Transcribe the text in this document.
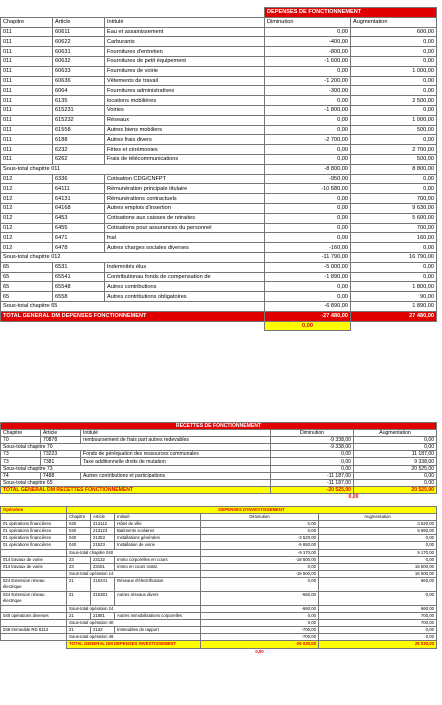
			DEPENSES DE FONCTIONNEMENT	
Chapitre	Article	Intitulé	Diminution	Augmentation
011	60611	Eau et assainissement	0,00	600,00
011	60622	Carburants	-400,00	0,00
011	60631	Fournitures d'entretien	-800,00	0,00
011	60632	Fournitures de petit équipement	-1 600,00	0,00
011	60633	Fournitures de voirie	0,00	1 000,00
011	60636	Vêtements de travail	-1 200,00	0,00
011	6064	Fournitures administratives	-300,00	0,00
011	6135	locations mobilières	0,00	2 500,00
011	615231	Voiries	-1 800,00	0,00
011	615232	Réseaux	0,00	1 000,00
011	61558	Autres biens mobiliers	0,00	500,00
011	6188	Autres frais divers	-2 700,00	0,00
011	6232	Fêtes et cérémonies	0,00	2 700,00
011	6262	Frais de télécommunications	0,00	500,00
Sous-total chapitre 011			-8 800,00	8 800,00
012	6336	Cotisation CDG/CNFPT	-950,00	0,00
012	64111	Rémunération principale titulaire	-10 680,00	0,00
012	64131	Rémunérations contractuels	0,00	700,00
012	64168	Autres emplois d'insertion	0,00	9 630,00
012	6453	Cotisations aux caisses de retraites	0,00	5 600,00
012	6455	Cotisations pour assurances du personnel	0,00	700,00
012	6471	fnal	0,00	160,00
012	6478	Autres charges sociales diverses	-160,00	0,00
Sous-total chapitre 012			-11 790,00	16 790,00
65	6531	Indemnités élus	-5 000,00	0,00
65	65541	Contributionau fonds de compensation de	-1 890,00	0,00
65	65548	Autres contributions	0,00	1 800,00
65	6558	Autres contributions obligatoires	0,00	90,00
Sous-total chapitre 65			-6 890,00	1 890,00
TOTAL GENERAL DM DEPENSES FONCTIONNEMENT			-27 480,00	27 480,00
			0,00	
RECETTES DE FONCTIONNEMENT				
Chapitre	Article	Intitulé	Diminution	Augmentation
70	70878	remboursement de frais part autres redevables	-9 338,00	0,00
Sous-total chapitre 70			-9 338,00	0,00
73	73223	Fonds de péréquation des ressources communales	0,00	11 187,00
73	7381	Taxe additionnelle droits de mutation	0,00	9 338,00
Sous-total chapitre 73			0,00	20 525,00
74	7488	Autres contributions et participations	-11 187,00	0,00
Sous-total chapitre 65			-11 187,00	0,00
TOTAL GENERAL DM RECETTES FONCTIONNEMENT			-20 525,00	20 525,00
			0,00	
Opération	DEPENSES D'INVESTISSEMENT				
	Chapitre	Article	Intitulé	Diminution	Augmentation
01 opérations financières	040	213112	Hôtel de ville	0,00	3 520,00
01 opérations financières	040	213123	Batiments scolaires	0,00	5 650,00
01 opérations financières	040	21353	Installations générales	-3 520,00	0,00
01 opérations financières	040	21523	Installation de voirie	-5 650,00	0,00
	Sous-total chapitre 040			-9 170,00	9 170,00
014 travaux de voirie	23	23132	Immo corporelles en cours	-18 500,00	0,00
014 travaux de voirie	23	23151	Immo en cours instal,	0,00	18 500,00
	Sous-total opération 14			-18 500,00	18 500,00
024 Extension réseau électrique	21	215341	Réseaux d'électrification	0,00	660,00
024 Extension réseau électrique	21	215381	Autres réseaux divers	-660,00	0,00
	Sous-total opération 24			-660,00	660,00
040 opérations diverses	21	21881	Autres immobilisations corporelles	0,00	700,00
	Sous-total opération 40			0,00	700,00
049 Immeuble RD 6113	21	2132	Immeubles de rapport	-700,00	0,00
	Sous-total opération 49			-700,00	0,00
	TOTAL GENERAL DM DEPENSES INVESTISSEMENT			-29 030,00	29 030,00
				0,00	
